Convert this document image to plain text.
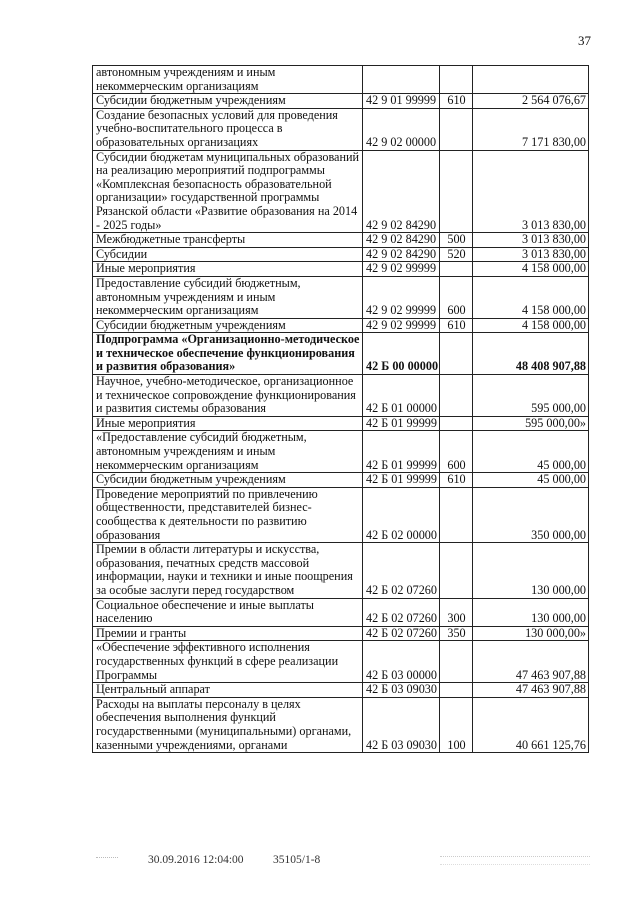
37
автономным учреждениям и иным некоммерческим организациям			
Субсидии бюджетным учреждениям	42 9 01 99999	610	2 564 076,67
Создание безопасных условий для проведения учебно-воспитательного процесса в образовательных организациях	42 9 02 00000		7 171 830,00
Субсидии бюджетам муниципальных образований на реализацию мероприятий подпрограммы «Комплексная безопасность образовательной организации» государственной программы Рязанской области «Развитие образования на 2014 - 2025 годы»	42 9 02 84290		3 013 830,00
Межбюджетные трансферты	42 9 02 84290	500	3 013 830,00
Субсидии	42 9 02 84290	520	3 013 830,00
Иные мероприятия	42 9 02 99999		4 158 000,00
Предоставление субсидий бюджетным, автономным учреждениям и иным некоммерческим организациям	42 9 02 99999	600	4 158 000,00
Субсидии бюджетным учреждениям	42 9 02 99999	610	4 158 000,00
Подпрограмма «Организационно-методическое и техническое обеспечение функционирования и развития образования»	42 Б 00 00000		48 408 907,88
Научное, учебно-методическое, организационное и техническое сопровождение функционирования и развития системы образования	42 Б 01 00000		595 000,00
Иные мероприятия	42 Б 01 99999		595 000,00»
«Предоставление субсидий бюджетным, автономным учреждениям и иным некоммерческим организациям	42 Б 01 99999	600	45 000,00
Субсидии бюджетным учреждениям	42 Б 01 99999	610	45 000,00
Проведение мероприятий по привлечению общественности, представителей бизнес-сообщества к деятельности по развитию образования	42 Б 02 00000		350 000,00
Премии в области литературы и искусства, образования, печатных средств массовой информации, науки и техники и иные поощрения за особые заслуги перед государством	42 Б 02 07260		130 000,00
Социальное обеспечение и иные выплаты населению	42 Б 02 07260	300	130 000,00
Премии и гранты	42 Б 02 07260	350	130 000,00»
«Обеспечение эффективного исполнения государственных функций в сфере реализации Программы	42 Б 03 00000		47 463 907,88
Центральный аппарат	42 Б 03 09030		47 463 907,88
Расходы на выплаты персоналу в целях обеспечения выполнения функций государственными (муниципальными) органами, казенными учреждениями, органами	42 Б 03 09030	100	40 661 125,76
30.09.2016 12:04:00	35105/1-8
